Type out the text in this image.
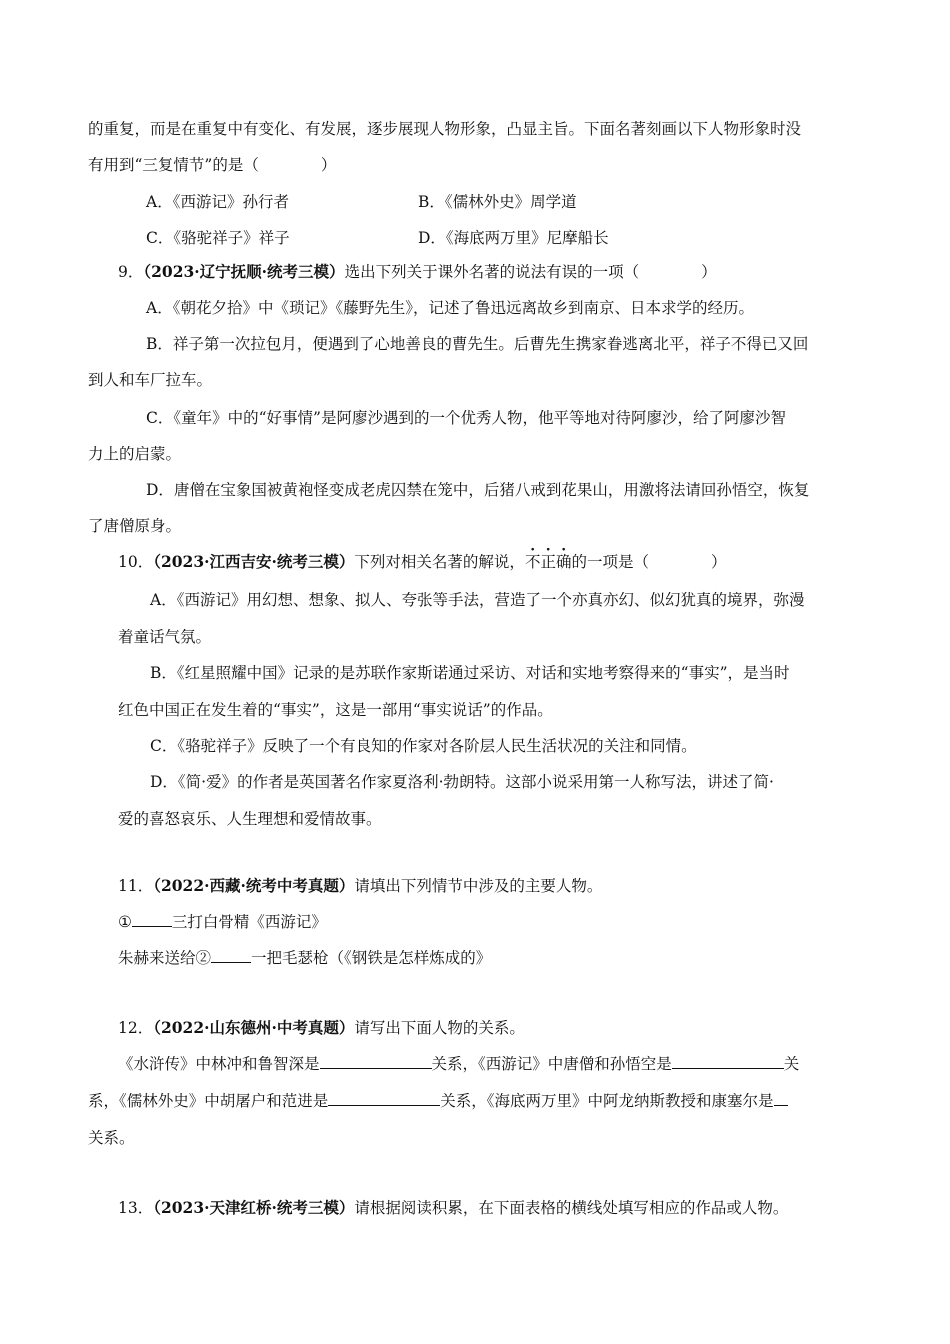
的重复，而是在重复中有变化、有发展，逐步展现人物形象，凸显主旨。下面名著刻画以下人物形象时没
有用到“三复情节”的是（　　　　）
A．《西游记》孙行者	B．《儒林外史》周学道
C．《骆驼祥子》祥子	D．《海底两万里》尼摩船长
9．（2023·辽宁抚顺·统考三模）选出下列关于课外名著的说法有误的一项（　　　　）
A．《朝花夕拾》中《琐记》《藤野先生》，记述了鲁迅远离故乡到南京、日本求学的经历。
B．祥子第一次拉包月，便遇到了心地善良的曹先生。后曹先生携家眷逃离北平，祥子不得已又回
到人和车厂拉车。
C．《童年》中的“好事情”是阿廖沙遇到的一个优秀人物，他平等地对待阿廖沙，给了阿廖沙智
力上的启蒙。
D．唐僧在宝象国被黄袍怪变成老虎囚禁在笼中，后猪八戒到花果山，用激将法请回孙悟空，恢复
了唐僧原身。
10．（2023·江西吉安·统考三模）下列对相关名著的解说，不正确的一项是（　　　　）
A．《西游记》用幻想、想象、拟人、夸张等手法，营造了一个亦真亦幻、似幻犹真的境界，弥漫
着童话气氛。
B．《红星照耀中国》记录的是苏联作家斯诺通过采访、对话和实地考察得来的“事实”，是当时
红色中国正在发生着的“事实”，这是一部用“事实说话”的作品。
C．《骆驼祥子》反映了一个有良知的作家对各阶层人民生活状况的关注和同情。
D．《简·爱》的作者是英国著名作家夏洛利·勃朗特。这部小说采用第一人称写法，讲述了简·
爱的喜怒哀乐、人生理想和爱情故事。
11．（2022·西藏·统考中考真题）请填出下列情节中涉及的主要人物。
①	三打白骨精《西游记》
朱赫来送给②	一把毛瑟枪（《钢铁是怎样炼成的》
12．（2022·山东德州·中考真题）请写出下面人物的关系。
《水浒传》中林冲和鲁智深是	关系，《西游记》中唐僧和孙悟空是	关
系，《儒林外史》中胡屠户和范进是	关系，《海底两万里》中阿龙纳斯教授和康塞尔是
关系。
13．（2023·天津红桥·统考三模）请根据阅读积累，在下面表格的横线处填写相应的作品或人物。
